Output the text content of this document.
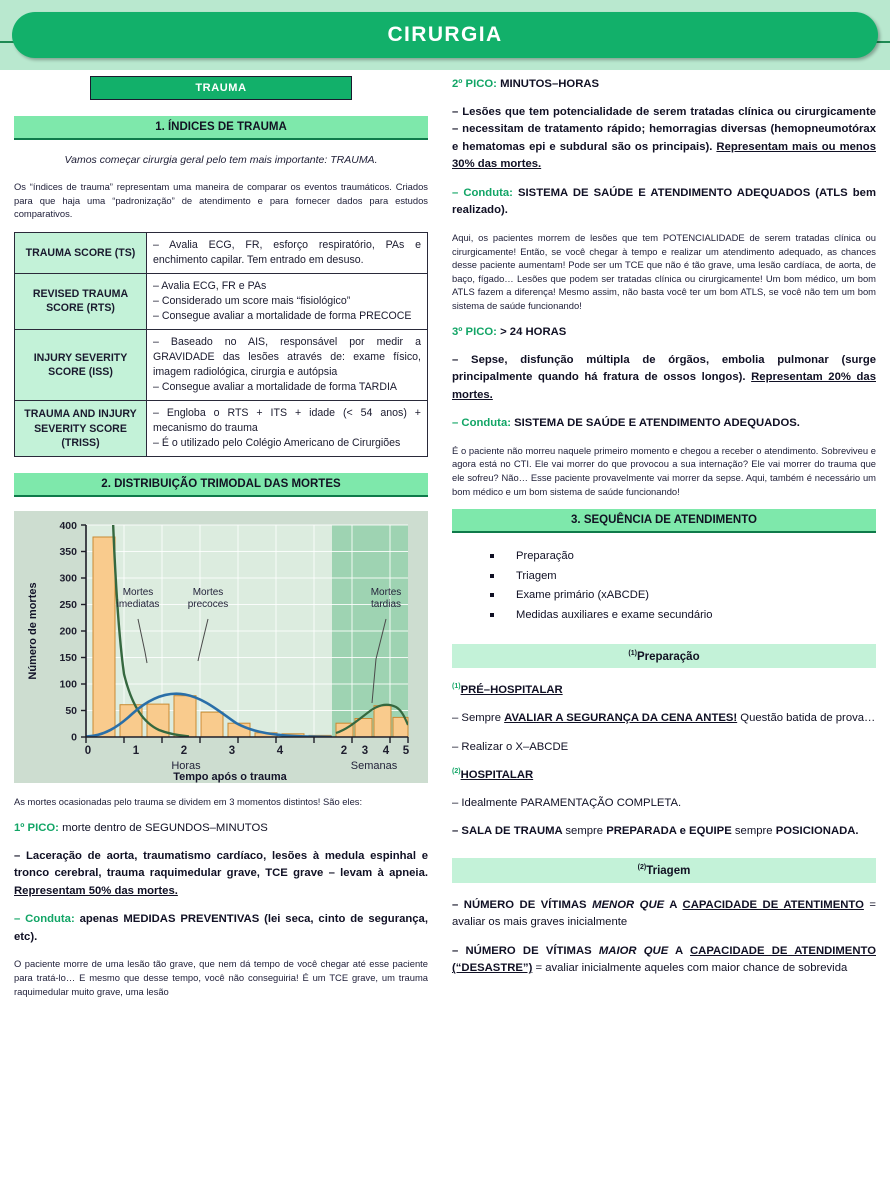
CIRURGIA
TRAUMA
1. ÍNDICES DE TRAUMA

Vamos começar cirurgia geral pelo tem mais importante: TRAUMA.

Os “índices de trauma” representam uma maneira de comparar os eventos traumáticos. Criados para que haja uma “padronização” de atendimento e para fornecer dados para estudos comparativos.

TRAUMA SCORE (TS)	– Avalia ECG, FR, esforço respiratório, PAs e enchimento capilar. Tem entrado em desuso.

REVISED TRAUMA SCORE (RTS)	– Avalia ECG, FR e PAs
– Considerado um score mais “fisiológico”
– Consegue avaliar a mortalidade de forma PRECOCE

INJURY SEVERITY SCORE (ISS)	– Baseado no AIS, responsável por medir a GRAVIDADE das lesões através de: exame físico, imagem radiológica, cirurgia e autópsia
– Consegue avaliar a mortalidade de forma TARDIA

TRAUMA AND INJURY SEVERITY SCORE (TRISS)	– Engloba o RTS + ITS + idade (< 54 anos) + mecanismo do trauma
– É o utilizado pelo Colégio Americano de Cirurgiões
2. DISTRIBUIÇÃO TRIMODAL DAS MORTES
Mortes
imediatas
Mortes
precoces
Mortes
tardias
0
50
100
150
200
250
300
350
400
0	1	2	3	4	2 3 4 5
Horas	Semanas
Tempo após o trauma
Número de mortes

As mortes ocasionadas pelo trauma se dividem em 3 momentos distintos! São eles:

1º PICO: morte dentro de SEGUNDOS–MINUTOS

– Laceração de aorta, traumatismo cardíaco, lesões à medula espinhal e tronco cerebral, trauma raquimedular grave, TCE grave – levam à apneia. Representam 50% das mortes.

– Conduta: apenas MEDIDAS PREVENTIVAS (lei seca, cinto de segurança, etc).

O paciente morre de uma lesão tão grave, que nem dá tempo de você chegar até esse paciente para tratá-lo… E mesmo que desse tempo, você não conseguiria! É um TCE grave, um trauma raquimedular muito grave, uma lesão

2º PICO: MINUTOS–HORAS

– Lesões que tem potencialidade de serem tratadas clínica ou cirurgicamente – necessitam de tratamento rápido; hemorragias diversas (hemopneumotórax e hematomas epi e subdural são os principais). Representam mais ou menos 30% das mortes.

– Conduta: SISTEMA DE SAÚDE E ATENDIMENTO ADEQUADOS (ATLS bem realizado).

Aqui, os pacientes morrem de lesões que tem POTENCIALIDADE de serem tratadas clínica ou cirurgicamente! Então, se você chegar à tempo e realizar um atendimento adequado, as chances desse paciente aumentam! Pode ser um TCE que não é tão grave, uma lesão cardíaca, de aorta, de baço, fígado… Lesões que podem ser tratadas clínica ou cirurgicamente! Um bom médico, um bom ATLS fazem a diferença! Mesmo assim, não basta você ter um bom ATLS, se você não tem um bom sistema de saúde funcionando!

3º PICO: > 24 HORAS

– Sepse, disfunção múltipla de órgãos, embolia pulmonar (surge principalmente quando há fratura de ossos longos). Representam 20% das mortes.

– Conduta: SISTEMA DE SAÚDE E ATENDIMENTO ADEQUADOS.

É o paciente não morreu naquele primeiro momento e chegou a receber o atendimento. Sobreviveu e agora está no CTI. Ele vai morrer do que provocou a sua internação? Ele vai morrer do trauma que ele sofreu? Não… Esse paciente provavelmente vai morrer da sepse. Aqui, também é necessário um bom médico e um bom sistema de saúde funcionando!

3. SEQUÊNCIA DE ATENDIMENTO
Preparação
Triagem
Exame primário (xABCDE)
Medidas auxiliares e exame secundário
$^{(1)}$Preparação

$^{(1)}$PRÉ–HOSPITALAR

– Sempre AVALIAR A SEGURANÇA DA CENA ANTES! Questão batida de prova…

– Realizar o X–ABCDE

$^{(2)}$HOSPITALAR

– Idealmente PARAMENTAÇÃO COMPLETA.

– SALA DE TRAUMA sempre PREPARADA e EQUIPE sempre POSICIONADA.

$^{(2)}$Triagem

– NÚMERO DE VÍTIMAS MENOR QUE A CAPACIDADE DE ATENTIMENTO = avaliar os mais graves inicialmente

– NÚMERO DE VÍTIMAS MAIOR QUE A CAPACIDADE DE ATENDIMENTO (“DESASTRE”) = avaliar inicialmente aqueles com maior chance de sobrevida
